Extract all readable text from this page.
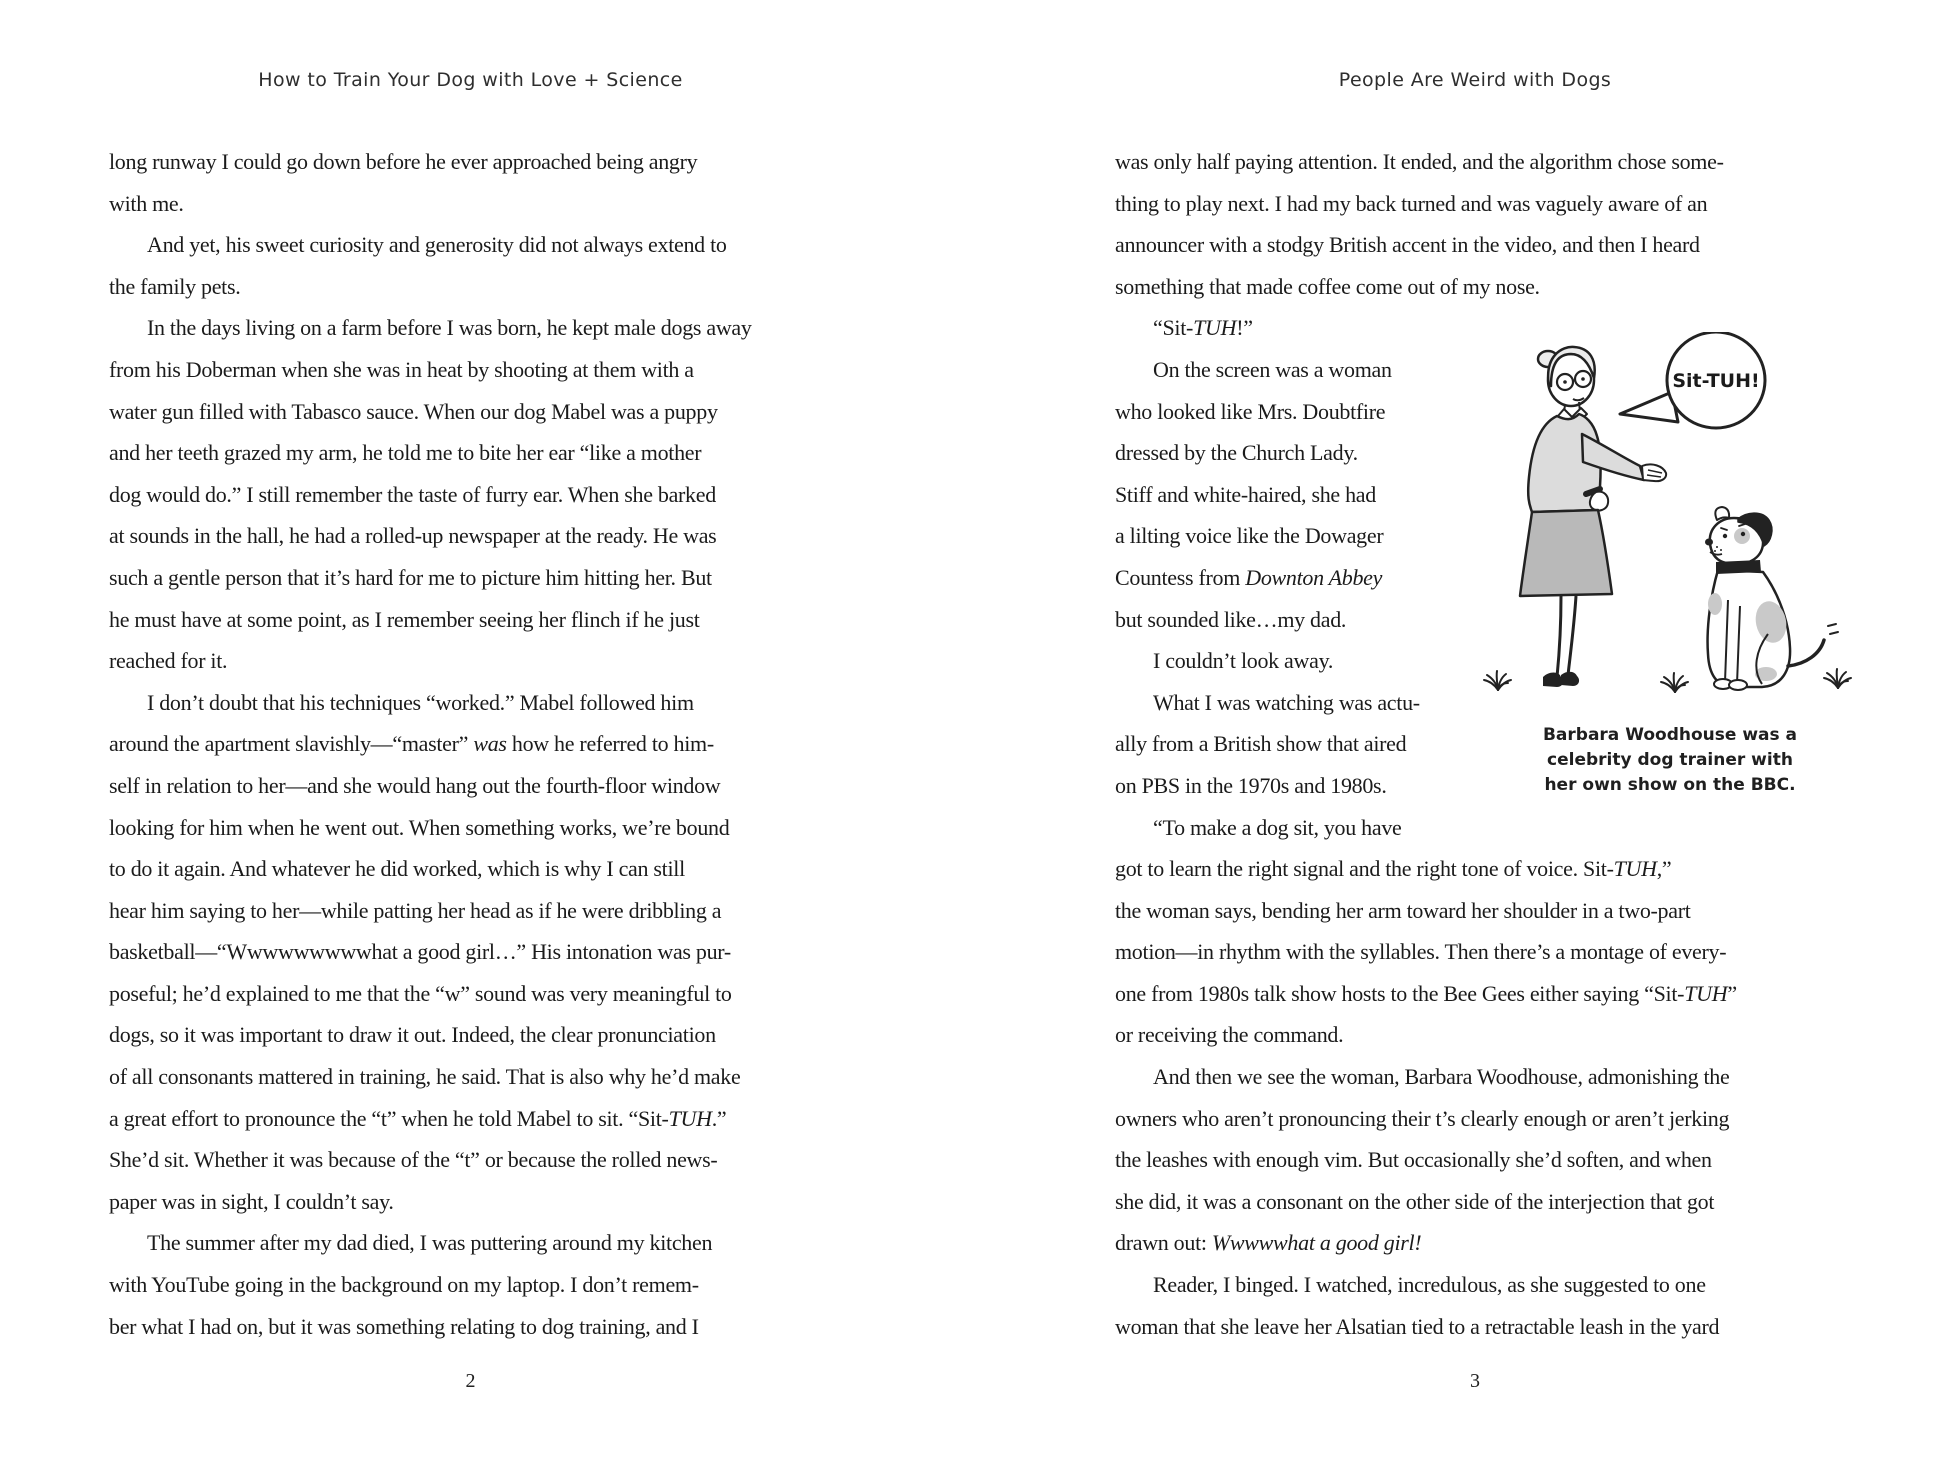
How to Train Your Dog with Love + Science	People Are Weird with Dogs
long runway I could go down before he ever approached being angry
with me.
And yet, his sweet curiosity and generosity did not always extend to
the family pets.
In the days living on a farm before I was born, he kept male dogs away
from his Doberman when she was in heat by shooting at them with a
water gun filled with Tabasco sauce. When our dog Mabel was a puppy
and her teeth grazed my arm, he told me to bite her ear “like a mother
dog would do.” I still remember the taste of furry ear. When she barked
at sounds in the hall, he had a rolled-up newspaper at the ready. He was
such a gentle person that it’s hard for me to picture him hitting her. But
he must have at some point, as I remember seeing her flinch if he just
reached for it.
I don’t doubt that his techniques “worked.” Mabel followed him
around the apartment slavishly—“master” was how he referred to him-
self in relation to her—and she would hang out the fourth-floor window
looking for him when he went out. When something works, we’re bound
to do it again. And whatever he did worked, which is why I can still
hear him saying to her—while patting her head as if he were dribbling a
basketball—“Wwwwwwwwwhat a good girl…” His intonation was pur-
poseful; he’d explained to me that the “w” sound was very meaningful to
dogs, so it was important to draw it out. Indeed, the clear pronunciation
of all consonants mattered in training, he said. That is also why he’d make
a great effort to pronounce the “t” when he told Mabel to sit. “Sit-TUH.”
She’d sit. Whether it was because of the “t” or because the rolled news-
paper was in sight, I couldn’t say.
The summer after my dad died, I was puttering around my kitchen
with YouTube going in the background on my laptop. I don’t remem-
ber what I had on, but it was something relating to dog training, and I
was only half paying attention. It ended, and the algorithm chose some-
thing to play next. I had my back turned and was vaguely aware of an
announcer with a stodgy British accent in the video, and then I heard
something that made coffee come out of my nose.
“Sit-TUH!”
On the screen was a woman
who looked like Mrs. Doubtfire
dressed by the Church Lady.
Stiff and white-haired, she had
a lilting voice like the Dowager
Countess from Downton Abbey
but sounded like…my dad.
I couldn’t look away.
What I was watching was actu-
ally from a British show that aired
on PBS in the 1970s and 1980s.
“To make a dog sit, you have
got to learn the right signal and the right tone of voice. Sit-TUH,”
the woman says, bending her arm toward her shoulder in a two-part
motion—in rhythm with the syllables. Then there’s a montage of every-
one from 1980s talk show hosts to the Bee Gees either saying “Sit-TUH”
or receiving the command.
And then we see the woman, Barbara Woodhouse, admonishing the
owners who aren’t pronouncing their t’s clearly enough or aren’t jerking
the leashes with enough vim. But occasionally she’d soften, and when
she did, it was a consonant on the other side of the interjection that got
drawn out: Wwwwwhat a good girl!
Reader, I binged. I watched, incredulous, as she suggested to one
woman that she leave her Alsatian tied to a retractable leash in the yard
Sit-TUH!
Barbara Woodhouse was a
celebrity dog trainer with
her own show on the BBC.
2	3
